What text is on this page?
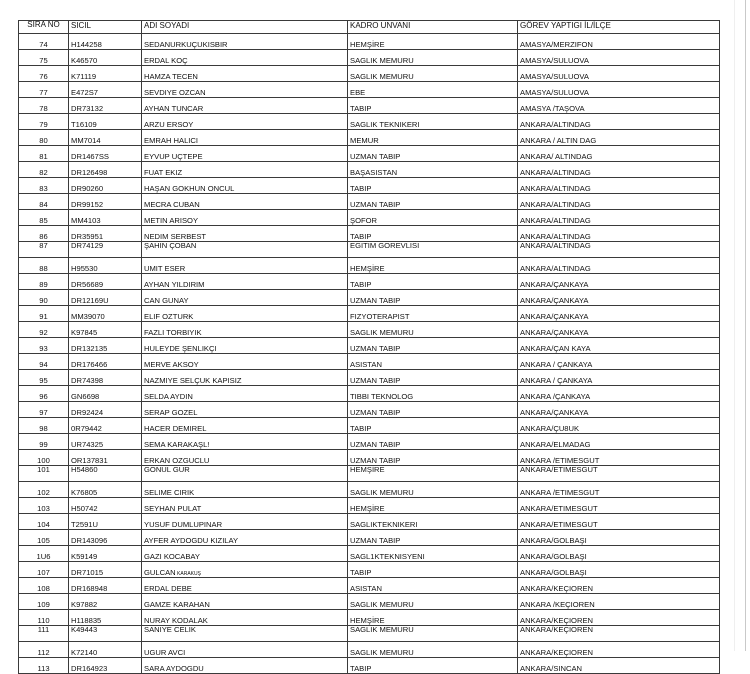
SIRA NO	SICIL	ADI SOYADI	KADRO UNVANI	GÖREV YAPTIGI İL/İLÇE
74	H144258	SEDANURKUÇUKISBIR	HEMŞİRE	AMASYA/MERZIFON
75	K46570	ERDAL KOÇ	SAGLIK MEMURU	AMASYA/SULUOVA
76	K71119	HAMZA TECEN	SAGLIK MEMURU	AMASYA/SULUOVA
77	E472S7	SEVDIYE OZCAN	EBE	AMASYA/SULUOVA
78	DR73132	AYHAN TUNCAR	TABIP	AMASYA /TAŞOVA
79	T16109	ARZU ERSOY	SAGLIK TEKNIKERI	ANKARA/ALTINDAG
80	MM7014	EMRAH HALICI	MEMUR	ANKARA / ALTIN DAG
81	DR1467SS	EYVUP UÇTEPE	UZMAN TABIP	ANKARA/ ALTINDAG
82	DR126498	FUAT EKIZ	BAŞASISTAN	ANKARA/ALTINDAG
83	DR90260	HAŞAN GOKHUN ONCUL	TABIP	ANKARA/ALTINDAG
84	DR99152	MECRA CUBAN	UZMAN TABIP	ANKARA/ALTINDAG
85	MM4103	METIN ARISOY	ŞOFOR	ANKARA/ALTINDAG
86	DR35951	NEDIM SERBEST	TABIP	ANKARA/ALTINDAG
87	DR74129	ŞAHIN ÇOBAN	EGITIM GOREVLISI	ANKARA/ALTINDAG
88	H95530	UMIT ESER	HEMŞİRE	ANKARA/ALTINDAG
89	DR56689	AYHAN YILDIRIM	TABIP	ANKARA/ÇANKAYA
90	DR12169U	CAN GUNAY	UZMAN TABIP	ANKARA/ÇANKAYA
91	MM39070	ELIF OZTURK	FIZYOTERAPIST	ANKARA/ÇANKAYA
92	K97845	FAZLI TORBIYIK	SAGLIK MEMURU	ANKARA/ÇANKAYA
93	DR132135	HULEYDE ŞENLIKÇI	UZMAN TABIP	ANKARA/ÇAN KAYA
94	DR176466	MERVE AKSOY	ASISTAN	ANKARA / ÇANKAYA
95	DR74398	NAZMIYE SELÇUK KAPISIZ	UZMAN TABIP	ANKARA / ÇANKAYA
96	GN6698	SELDA AYDIN	TIBBI TEKNOLOG	ANKARA /ÇANKAYA
97	DR92424	SERAP GOZEL	UZMAN TABIP	ANKARA/ÇANKAYA
98	0R79442	HACER DEMIREL	TABIP	ANKARA/ÇU8UK
99	UR74325	SEMA KARAKAŞL!	UZMAN TABIP	ANKARA/ELMADAG
100	OR137831	ERKAN OZGUCLU	UZMAN TABIP	ANKARA /ETIMESGUT
101	H54860	GONUL GUR	HEMŞİRE	ANKARA/ETIMESGUT
102	K76805	SELIME CIRIK	SAGLIK MEMURU	ANKARA /ETIMESGUT
103	H50742	SEYHAN PULAT	HEMŞİRE	ANKARA/ETIMESGUT
104	T2591U	YUSUF DUMLUPINAR	SAGLIKTEKNIKERI	ANKARA/ETIMESGUT
105	DR143096	AYFER AYDOGDU KIZILAY	UZMAN TABIP	ANKARA/GOLBAŞI
1U6	K59149	GAZI KOCABAY	SAGL1KTEKNISYENI	ANKARA/GOLBAŞI
107	DR71015	GULCAN KARAKUŞ	TABIP	ANKARA/GOLBAŞI
108	DR168948	ERDAL DEBE	ASISTAN	ANKARA/KEÇIOREN
109	K97882	GAMZE KARAHAN	SAGLIK MEMURU	ANKARA /KEÇIOREN
110	H118835	NURAY KODALAK	HEMŞİRE	ANKARA/KEÇIOREN
111	K49443	SANIYE CELIK	SAGLIK MEMURU	ANKARA/KEÇIOREN
112	K72140	UGUR AVCI	SAGLIK MEMURU	ANKARA/KEÇIOREN
113	DR164923	SARA AYDOGDU	TABIP	ANKARA/SINCAN
